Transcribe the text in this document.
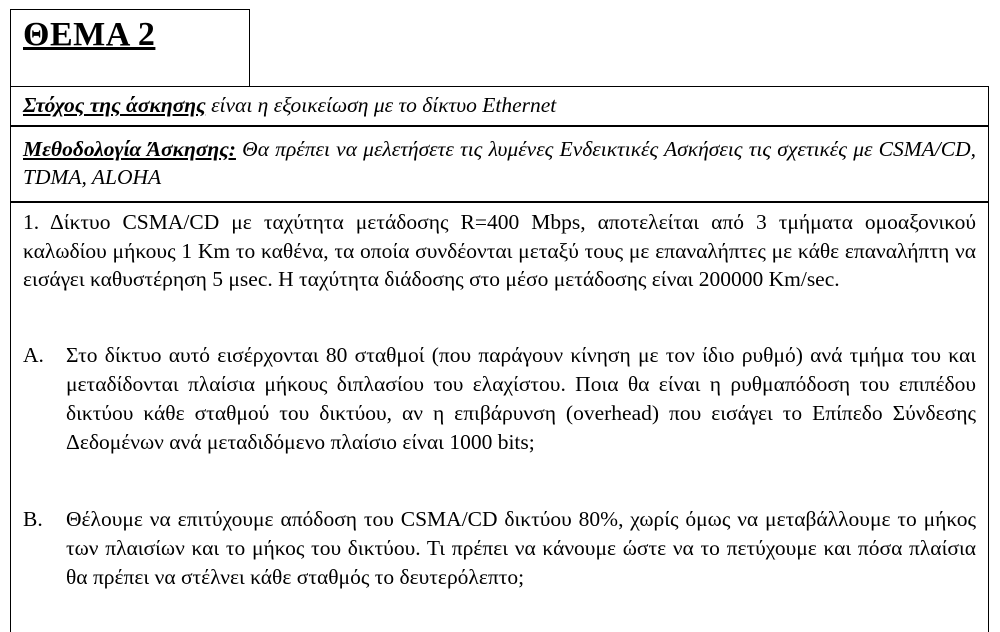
ΘΕΜΑ 2
Στόχος της άσκησης είναι η εξοικείωση με το δίκτυο Ethernet
Μεθοδολογία Άσκησης: Θα πρέπει να μελετήσετε τις λυμένες Ενδεικτικές Ασκήσεις τις σχετικές με CSMA/CD, TDMA, ALOHA
1. Δίκτυο CSMA/CD με ταχύτητα μετάδοσης R=400 Mbps, αποτελείται από 3 τμήματα ομοαξονικού καλωδίου μήκους 1 Km το καθένα, τα οποία συνδέονται μεταξύ τους με επαναλήπτες με κάθε επαναλήπτη να εισάγει καθυστέρηση 5 μsec. Η ταχύτητα διάδοσης στο μέσο μετάδοσης είναι 200000 Km/sec.
Α. Στο δίκτυο αυτό εισέρχονται 80 σταθμοί (που παράγουν κίνηση με τον ίδιο ρυθμό) ανά τμήμα του και μεταδίδονται πλαίσια μήκους διπλασίου του ελαχίστου. Ποια θα είναι η ρυθμαπόδοση του επιπέδου δικτύου κάθε σταθμού του δικτύου, αν η επιβάρυνση (overhead) που εισάγει το Επίπεδο Σύνδεσης Δεδομένων ανά μεταδιδόμενο πλαίσιο είναι 1000 bits;
Β. Θέλουμε να επιτύχουμε απόδοση του CSMA/CD δικτύου 80%, χωρίς όμως να μεταβάλλουμε το μήκος των πλαισίων και το μήκος του δικτύου. Τι πρέπει να κάνουμε ώστε να το πετύχουμε και πόσα πλαίσια θα πρέπει να στέλνει κάθε σταθμός το δευτερόλεπτο;
